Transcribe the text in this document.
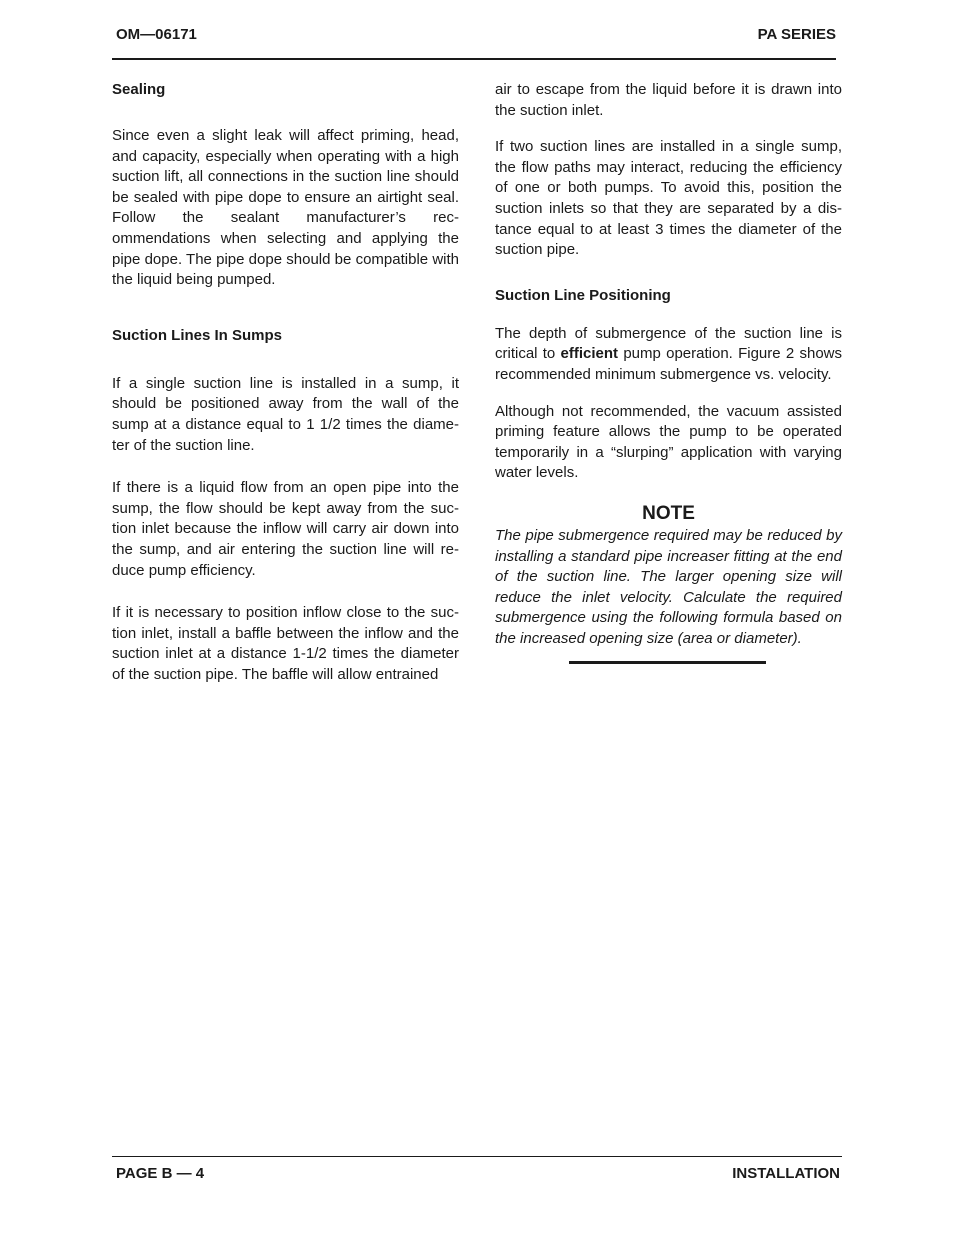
OM—06171	PA SERIES
Sealing

Since even a slight leak will affect priming, head, and capacity, especially when operating with a high suction lift, all connections in the suction line should be sealed with pipe dope to ensure an airtight seal. Follow the sealant manufacturer’s recommendations when selecting and applying the pipe dope. The pipe dope should be compatible with the liquid being pumped.

Suction Lines In Sumps

If a single suction line is installed in a sump, it should be positioned away from the wall of the sump at a distance equal to 1 1/2 times the diameter of the suction line.

If there is a liquid flow from an open pipe into the sump, the flow should be kept away from the suction inlet because the inflow will carry air down into the sump, and air entering the suction line will reduce pump efficiency.

If it is necessary to position inflow close to the suction inlet, install a baffle between the inflow and the suction inlet at a distance 1-1/2 times the diameter of the suction pipe. The baffle will allow entrained

air to escape from the liquid before it is drawn into the suction inlet.

If two suction lines are installed in a single sump, the flow paths may interact, reducing the efficiency of one or both pumps. To avoid this, position the suction inlets so that they are separated by a distance equal to at least 3 times the diameter of the suction pipe.

Suction Line Positioning

The depth of submergence of the suction line is critical to efficient pump operation. Figure 2 shows recommended minimum submergence vs. velocity.

Although not recommended, the vacuum assisted priming feature allows the pump to be operated temporarily in a “slurping” application with varying water levels.

NOTE

The pipe submergence required may be reduced by installing a standard pipe increaser fitting at the end of the suction line. The larger opening size will reduce the inlet velocity. Calculate the required submergence using the following formula based on the increased opening size (area or diameter).

PAGE B — 4	INSTALLATION
